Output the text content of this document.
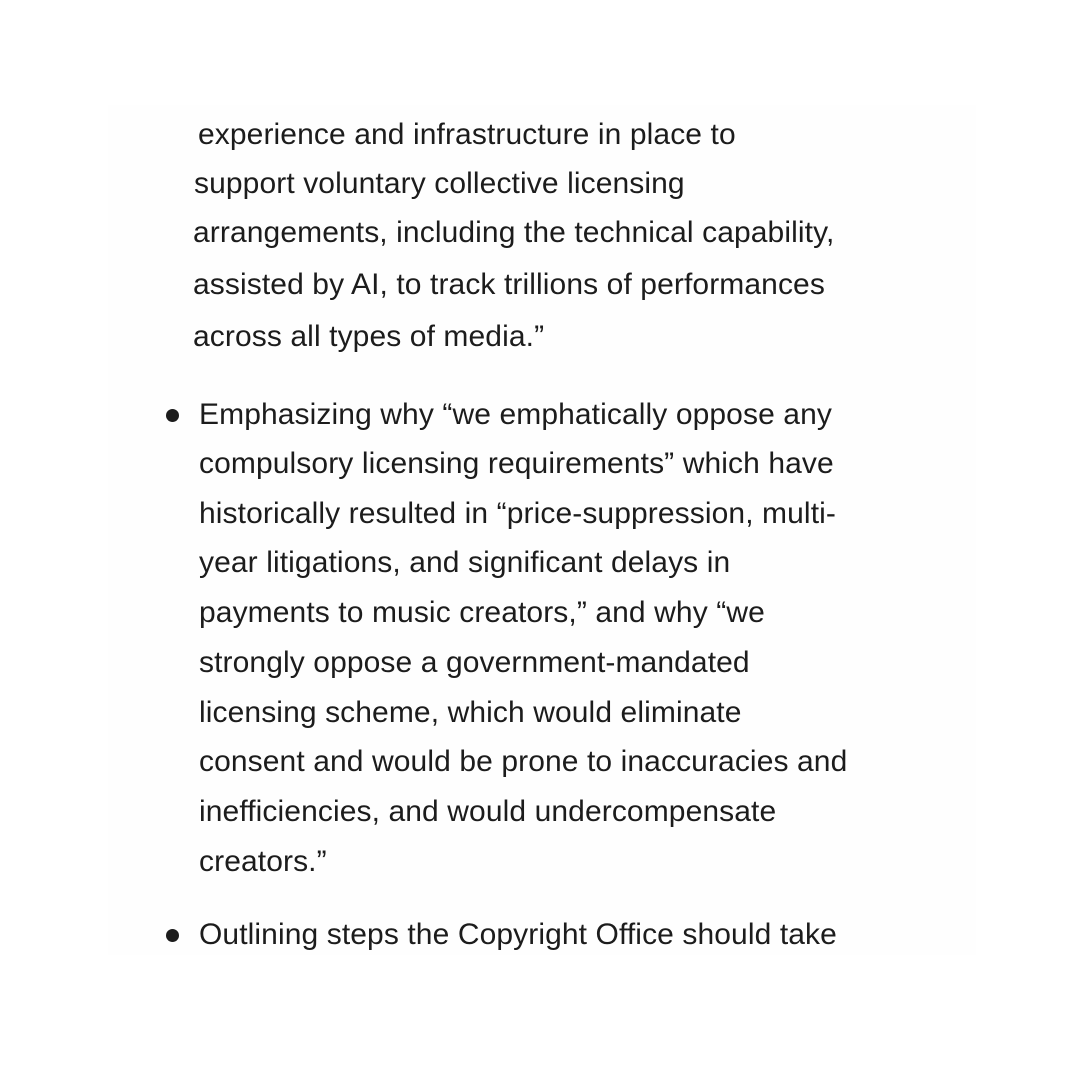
experience and infrastructure in place to
support voluntary collective licensing
arrangements, including the technical capability,
assisted by AI, to track trillions of performances
across all types of media.”
Emphasizing why “we emphatically oppose any
compulsory licensing requirements” which have
historically resulted in “price-suppression, multi-
year litigations, and significant delays in
payments to music creators,” and why “we
strongly oppose a government-mandated
licensing scheme, which would eliminate
consent and would be prone to inaccuracies and
inefficiencies, and would undercompensate
creators.”
Outlining steps the Copyright Office should take
